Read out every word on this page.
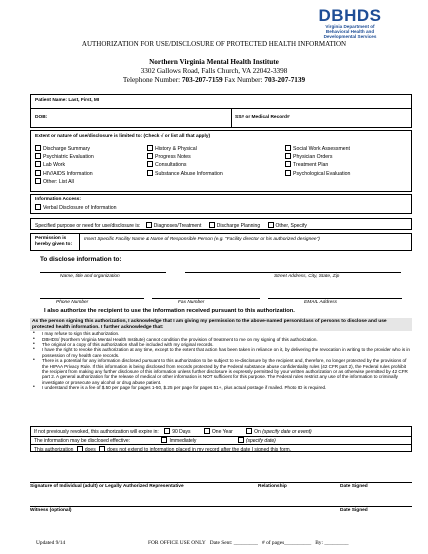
DBHDS
Virginia Department of
Behavioral Health and
Developmental Services
AUTHORIZATION FOR USE/DISCLOSURE OF PROTECTED HEALTH INFORMATION
Northern Virginia Mental Health Institute
3302 Gallows Road, Falls Church, VA 22042-3398
Telephone Number: 703-207-7159 Fax Number: 703-207-7139
Patient Name: Last, First, MI
DOB:	SS# or Medical Record#
Extent or nature of use/disclosure is limited to: (Check √ or list all that apply)
Discharge Summary	History & Physical	Social Work Assessment
Psychiatric Evaluation	Progress Notes	Physician Orders
Lab Work	Consultations	Treatment Plan
HIV/AIDS Information	Substance Abuse Information	Psychological Evaluation
Other: List All
Information Access:
Verbal Disclosure of Information
Specified purpose or need for use/disclosure is:	Diagnoses/Treatment	Discharge Planning	Other, Specify
Permission is hereby given to:
Insert Specific Facility Name & Name of Responsible Person (e.g. "Facility director or his authorized designee")
To disclose information to:
Name, title and organization	Street Address, City, State, Zip
Phone Number	Fax Number	EMAIL Address
I also authorize the recipient to use the information received pursuant to this authorization.
As the person signing this authorization, I acknowledge that I am giving my permission to the above-named person/class of persons to disclose and use protected health information. I further acknowledge that:
• I may refuse to sign this authorization.
• DBHDS/ (Northern Virginia Mental Health Institute) cannot condition the provision of treatment to me on my signing of this authorization.
• The original or a copy of this authorization shall be included with my original records.
• I have the right to revoke this authorization at any time, except to the extent that action has been taken in reliance on it, by delivering the revocation in writing to the provider who is in possession of my health care records.
• There is a potential for any information disclosed pursuant to this authorization to be subject to re-disclosure by the recipient and, therefore, no longer protected by the provisions of the HIPAA Privacy Rule. If this information is being disclosed from records protected by the Federal substance abuse confidentiality rules (42 CFR part 2), the Federal rules prohibit the recipient from making any further disclosure of this information unless further disclosure is expressly permitted by your written authorization or as otherwise permitted by 42 CFR part 2. A general authorization for the release of medical or other information is NOT sufficient for this purpose. The Federal rules restrict any use of the information to criminally investigate or prosecute any alcohol or drug abuse patient.
• I understand there is a fee of $.50 per page for pages 1-50, $.25 per page for pages 51+, plus actual postage if mailed. Photo ID is required.
If not previously revoked, this authorization will expire in:	90 Days	One Year	On (specify date or event)
The information may be disclosed effective:	Immediately	(specify date)
This authorization does does not extend to information placed in my record after the date I signed this form.
Signature of Individual (adult) or Legally Authorized Representative	Relationship	Date Signed
Witness (optional)	Date Signed
Updated 9/14	FOR OFFICE USE ONLY Date Sent: _________ # of pages__________ By: _________
